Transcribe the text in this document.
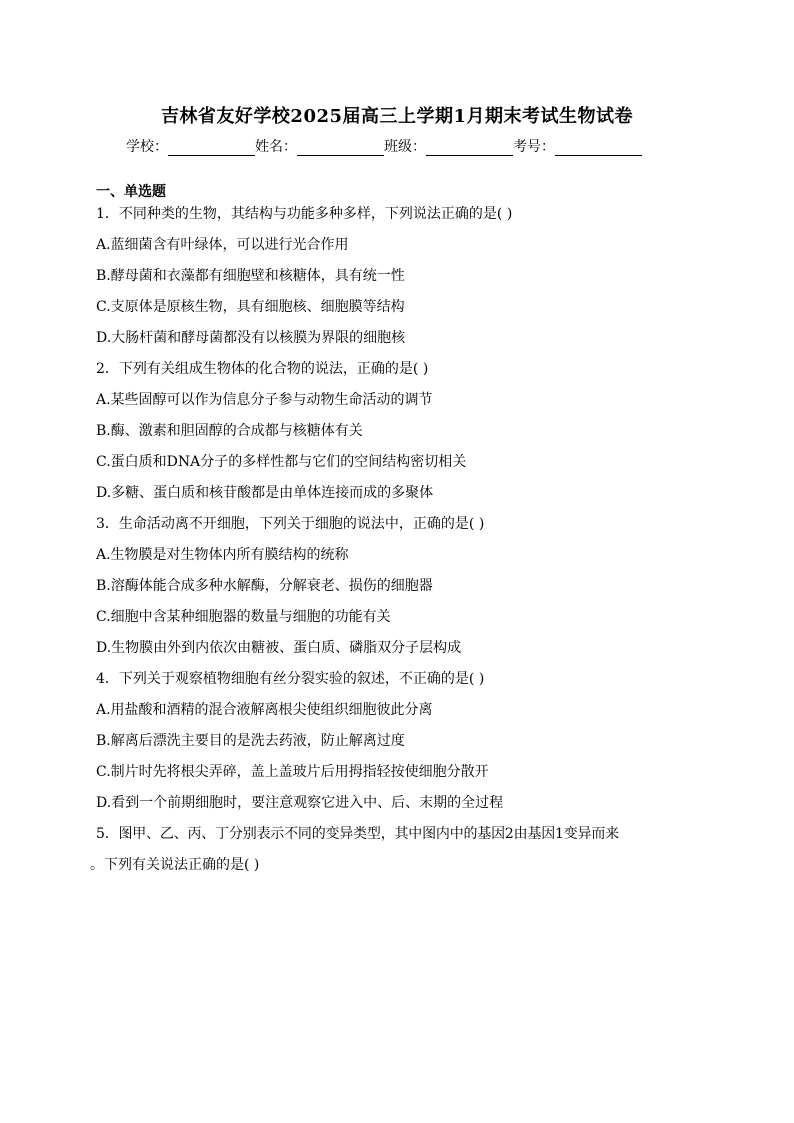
吉林省友好学校2025届高三上学期1月期末考试生物试卷
学校：	姓名：	班级：	考号：
一、单选题
1．不同种类的生物，其结构与功能多种多样，下列说法正确的是( )
A.蓝细菌含有叶绿体，可以进行光合作用
B.酵母菌和衣藻都有细胞壁和核糖体，具有统一性
C.支原体是原核生物，具有细胞核、细胞膜等结构
D.大肠杆菌和酵母菌都没有以核膜为界限的细胞核
2．下列有关组成生物体的化合物的说法，正确的是( )
A.某些固醇可以作为信息分子参与动物生命活动的调节
B.酶、激素和胆固醇的合成都与核糖体有关
C.蛋白质和DNA分子的多样性都与它们的空间结构密切相关
D.多糖、蛋白质和核苷酸都是由单体连接而成的多聚体
3．生命活动离不开细胞，下列关于细胞的说法中，正确的是( )
A.生物膜是对生物体内所有膜结构的统称
B.溶酶体能合成多种水解酶，分解衰老、损伤的细胞器
C.细胞中含某种细胞器的数量与细胞的功能有关
D.生物膜由外到内依次由糖被、蛋白质、磷脂双分子层构成
4．下列关于观察植物细胞有丝分裂实验的叙述，不正确的是( )
A.用盐酸和酒精的混合液解离根尖使组织细胞彼此分离
B.解离后漂洗主要目的是洗去药液，防止解离过度
C.制片时先将根尖弄碎，盖上盖玻片后用拇指轻按使细胞分散开
D.看到一个前期细胞时，要注意观察它进入中、后、末期的全过程
5．图甲、乙、丙、丁分别表示不同的变异类型，其中图内中的基因2由基因1变异而来
。下列有关说法正确的是( )
